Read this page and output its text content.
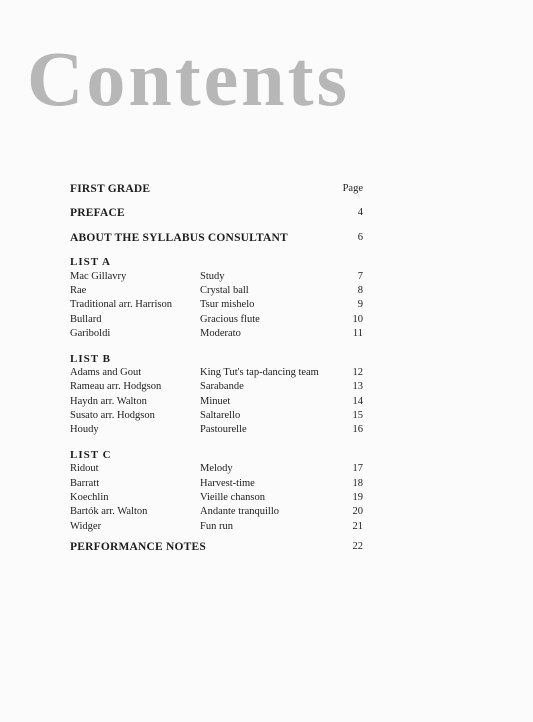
Contents
FIRST GRADE	Page
PREFACE	4
ABOUT THE SYLLABUS CONSULTANT	6
LIST A
Mac Gillavry	Study	7
Rae	Crystal ball	8
Traditional arr. Harrison	Tsur mishelo	9
Bullard	Gracious flute	10
Gariboldi	Moderato	11
LIST B
Adams and Gout	King Tut's tap-dancing team	12
Rameau arr. Hodgson	Sarabande	13
Haydn arr. Walton	Minuet	14
Susato arr. Hodgson	Saltarello	15
Houdy	Pastourelle	16
LIST C
Ridout	Melody	17
Barratt	Harvest-time	18
Koechlin	Vieille chanson	19
Bartók arr. Walton	Andante tranquillo	20
Widger	Fun run	21
PERFORMANCE NOTES	22
